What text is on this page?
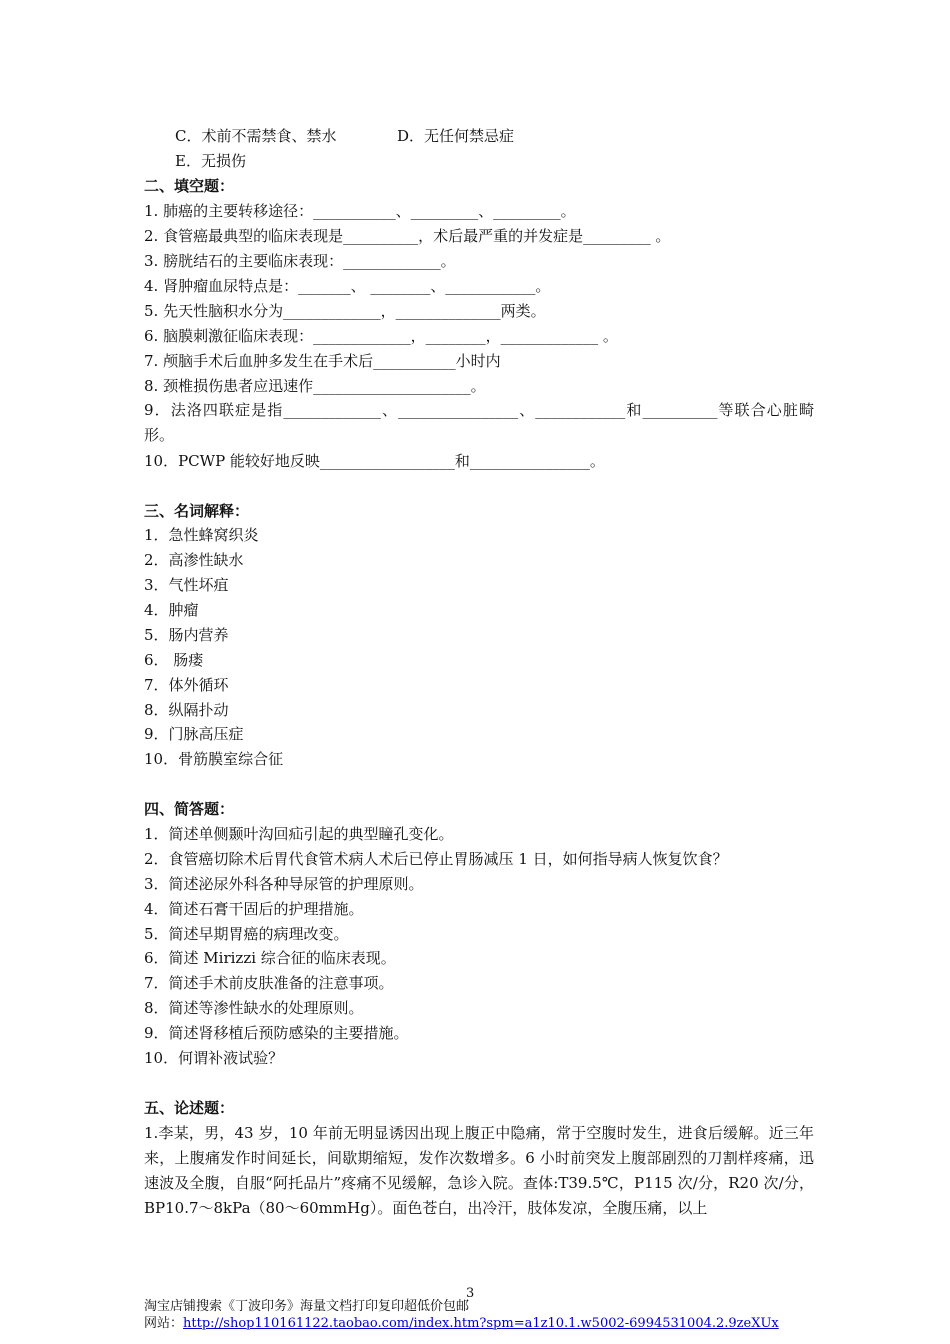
C．术前不需禁食、禁水	D．无任何禁忌症
E．无损伤
二、填空题：
1. 肺癌的主要转移途径：___________、_________、_________。
2. 食管癌最典型的临床表现是__________，术后最严重的并发症是_________ 。
3. 膀胱结石的主要临床表现：_____________。
4. 肾肿瘤血尿特点是：_______、 ________、____________。
5. 先天性脑积水分为_____________，______________两类。
6. 脑膜刺激征临床表现：_____________，________，_____________ 。
7. 颅脑手术后血肿多发生在手术后___________小时内
8. 颈椎损伤患者应迅速作_____________________。
9．法洛四联症是指_____________、________________、____________和__________等联合心脏畸形。
10．PCWP 能较好地反映__________________和________________。
三、名词解释：
1．急性蜂窝织炎
2．高渗性缺水
3．气性坏疽
4．肿瘤
5．肠内营养
6． 肠瘘
7．体外循环
8．纵隔扑动
9．门脉高压症
10．骨筋膜室综合征
四、简答题：
1．简述单侧颞叶沟回疝引起的典型瞳孔变化。
2．食管癌切除术后胃代食管术病人术后已停止胃肠减压 1 日，如何指导病人恢复饮食？
3．简述泌尿外科各种导尿管的护理原则。
4．简述石膏干固后的护理措施。
5．简述早期胃癌的病理改变。
6．简述 Mirizzi 综合征的临床表现。
7．简述手术前皮肤准备的注意事项。
8．简述等渗性缺水的处理原则。
9．简述肾移植后预防感染的主要措施。
10．何谓补液试验？
五、论述题：
1.李某，男，43 岁，10 年前无明显诱因出现上腹正中隐痛，常于空腹时发生，进食后缓解。近三年来，上腹痛发作时间延长，间歇期缩短，发作次数增多。6 小时前突发上腹部剧烈的刀割样疼痛，迅速波及全腹，自服“阿托品片”疼痛不见缓解，急诊入院。查体:T39.5℃，P115 次/分，R20 次/分，BP10.7～8kPa（80～60mmHg）。面色苍白，出冷汗，肢体发凉，全腹压痛，以上
3
淘宝店铺搜索《丁波印务》海量文档打印复印超低价包邮
网站：http://shop110161122.taobao.com/index.htm?spm=a1z10.1.w5002-6994531004.2.9zeXUx
